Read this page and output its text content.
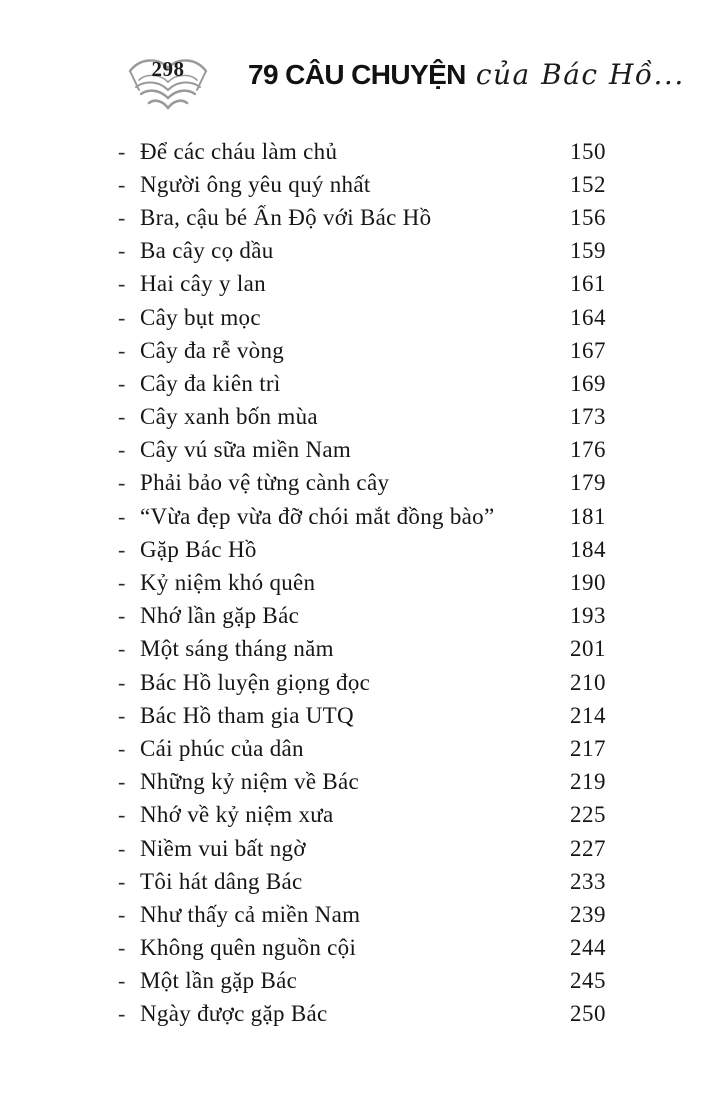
298	79 CÂU CHUYỆN của Bác Hồ...
- Để các cháu làm chủ	150
- Người ông yêu quý nhất	152
- Bra, cậu bé Ấn Độ với Bác Hồ	156
- Ba cây cọ dầu	159
- Hai cây y lan	161
- Cây bụt mọc	164
- Cây đa rễ vòng	167
- Cây đa kiên trì	169
- Cây xanh bốn mùa	173
- Cây vú sữa miền Nam	176
- Phải bảo vệ từng cành cây	179
- “Vừa đẹp vừa đỡ chói mắt đồng bào”	181
- Gặp Bác Hồ	184
- Kỷ niệm khó quên	190
- Nhớ lần gặp Bác	193
- Một sáng tháng năm	201
- Bác Hồ luyện giọng đọc	210
- Bác Hồ tham gia UTQ	214
- Cái phúc của dân	217
- Những kỷ niệm về Bác	219
- Nhớ về kỷ niệm xưa	225
- Niềm vui bất ngờ	227
- Tôi hát dâng Bác	233
- Như thấy cả miền Nam	239
- Không quên nguồn cội	244
- Một lần gặp Bác	245
- Ngày được gặp Bác	250
